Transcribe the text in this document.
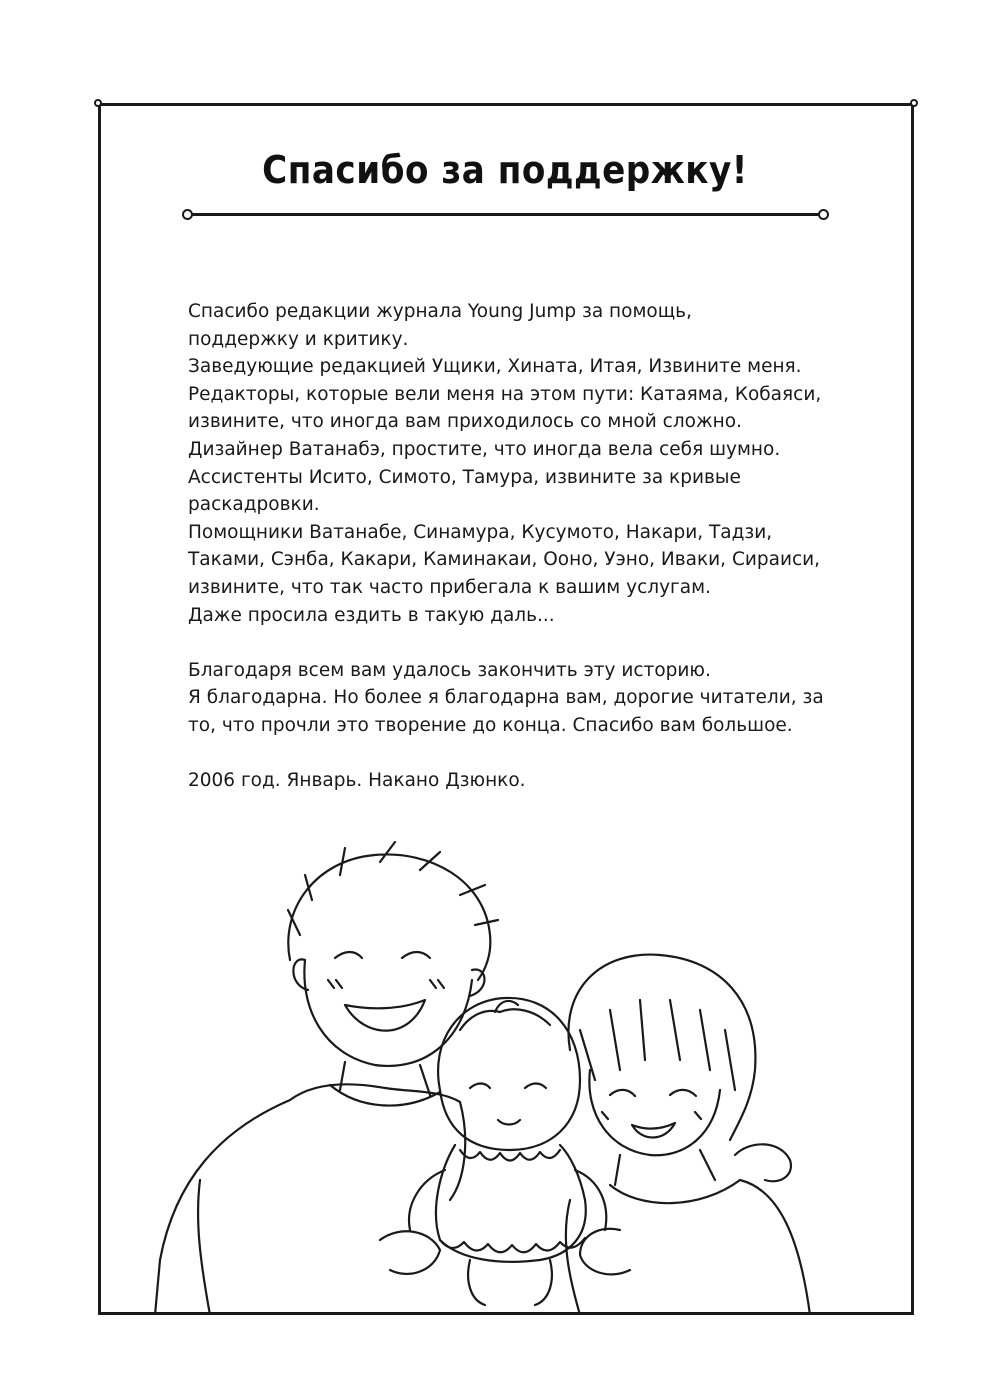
Спасибо за поддержку!
Спасибо редакции журнала Young Jump за помощь,
поддержку и критику.
Заведующие редакцией Ущики, Хината, Итая, Извините меня.
Редакторы, которые вели меня на этом пути: Катаяма, Кобаяси,
извините, что иногда вам приходилось со мной сложно.
Дизайнер Ватанабэ, простите, что иногда вела себя шумно.
Ассистенты Исито, Симото, Тамура, извините за кривые
раскадровки.
Помощники Ватанабе, Синамура, Кусумото, Накари, Тадзи,
Таками, Сэнба, Какари, Каминакаи, Ооно, Уэно, Иваки, Сираиси,
извините, что так часто прибегала к вашим услугам.
Даже просила ездить в такую даль...
Благодаря всем вам удалось закончить эту историю.
Я благодарна. Но более я благодарна вам, дорогие читатели, за
то, что прочли это творение до конца. Спасибо вам большое.
2006 год. Январь. Накано Дзюнко.
